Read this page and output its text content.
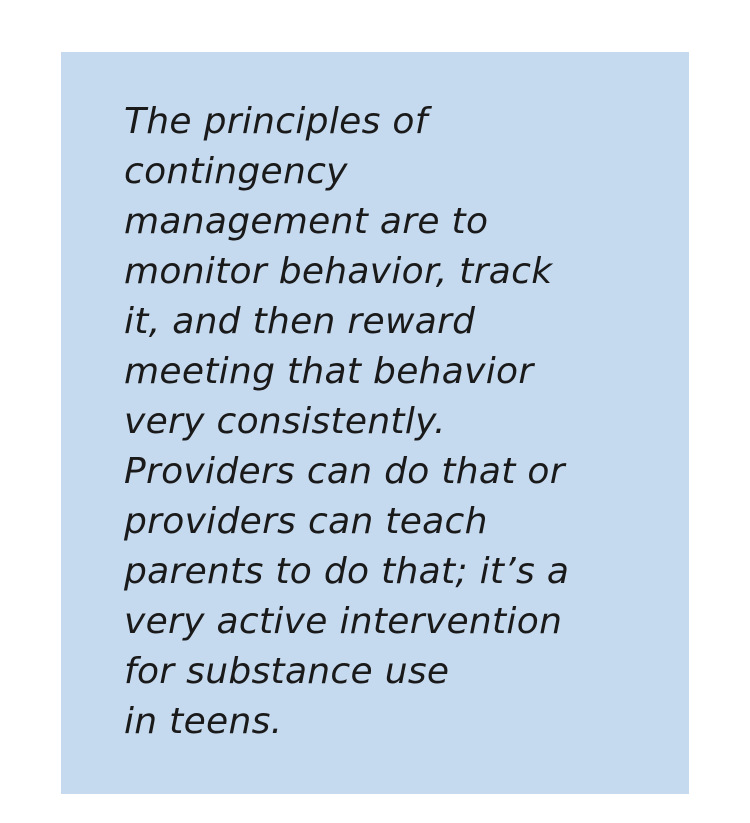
The principles of
contingency
management are to
monitor behavior, track
it, and then reward
meeting that behavior
very consistently.
Providers can do that or
providers can teach
parents to do that; it’s a
very active intervention
for substance use
in teens.
